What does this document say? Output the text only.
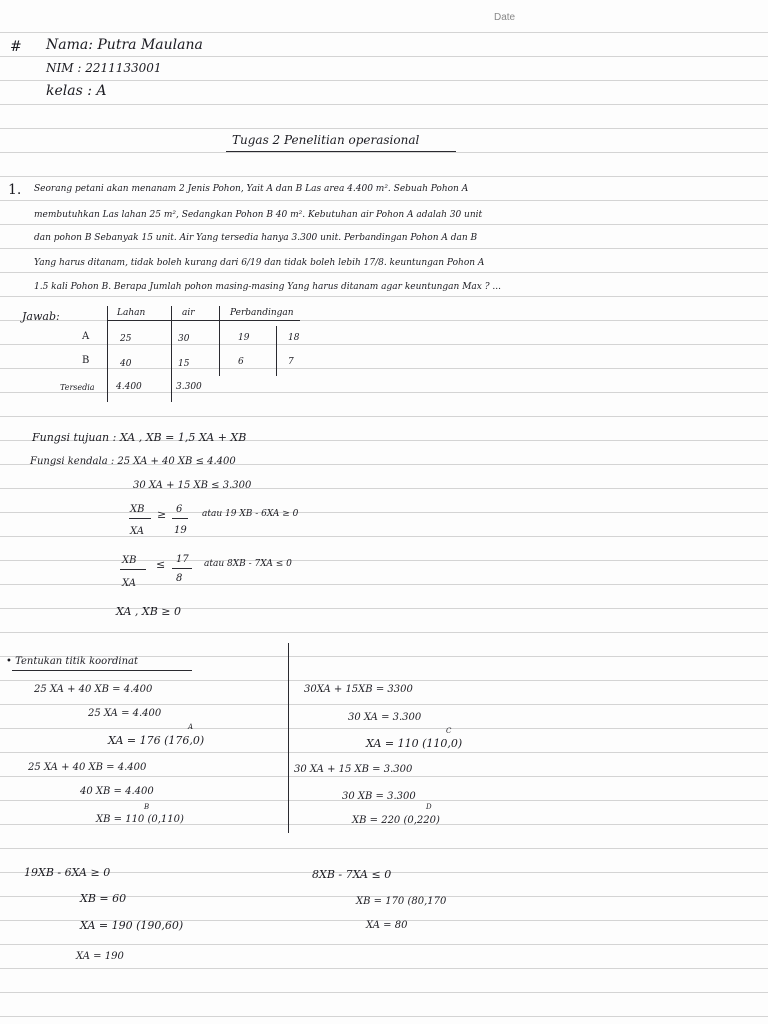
Date
# Nama: Putra Maulana
NIM : 2211133001
kelas : A
Tugas 2 Penelitian operasional
1. Seorang petani akan menanam 2 Jenis Pohon, Yait A dan B Las area 4.400 m². Sebuah Pohon A
membutuhkan Las lahan 25 m², Sedangkan Pohon B 40 m². Kebutuhan air Pohon A adalah 30 unit
dan pohon B Sebanyak 15 unit. Air Yang tersedia hanya 3.300 unit. Perbandingan Pohon A dan B
Yang harus ditanam, tidak boleh kurang dari 6/19 dan tidak boleh lebih 17/8. keuntungan Pohon A
1.5 kali Pohon B. Berapa Jumlah pohon masing-masing Yang harus ditanam agar keuntungan Max ? ...
Jawab:	Lahan	air	Perbandingan
A	25	30	19	18
B	40	15	6	7
Tersedia 4.400	3.300
Fungsi tujuan : XA , XB = 1,5 XA + XB
Fungsi kendala : 25 XA + 40 XB ≤ 4.400
30 XA + 15 XB ≤ 3.300
XB
XA
≥ 6
19
atau 19 XB - 6XA ≥ 0
XB
XA
≤ 17
8
atau 8XB - 7XA ≤ 0
XA , XB ≥ 0
• Tentukan titik koordinat
25 XA + 40 XB = 4.400
25 XA = 4.400
A
XA = 176 (176,0)
25 XA + 40 XB = 4.400
40 XB = 4.400
B
XB = 110 (0,110)
30XA + 15XB = 3300
30 XA = 3.300
C
XA = 110 (110,0)
30 XA + 15 XB = 3.300
30 XB = 3.300
D
XB = 220 (0,220)
19XB - 6XA ≥ 0
XB = 60
XA = 190 (190,60)
XA = 190
8XB - 7XA ≤ 0
XB = 170 (80,170
XA = 80
